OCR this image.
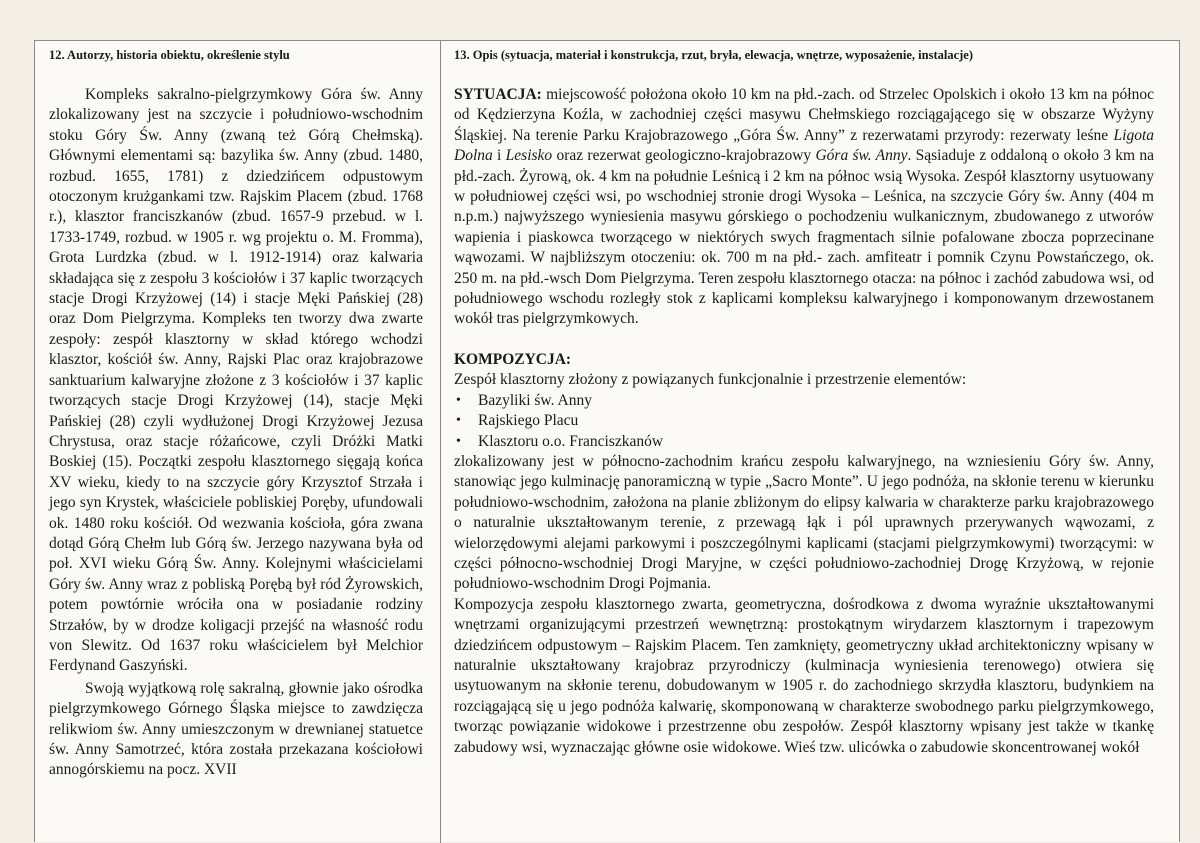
12. Autorzy, historia obiektu, określenie stylu

Kompleks sakralno-pielgrzymkowy Góra św. Anny zlokalizowany jest na szczycie i południowo-wschodnim stoku Góry Św. Anny (zwaną też Górą Chełmską). Głównymi elementami są: bazylika św. Anny (zbud. 1480, rozbud. 1655, 1781) z dziedzińcem odpustowym otoczonym krużgankami tzw. Rajskim Placem (zbud. 1768 r.), klasztor franciszkanów (zbud. 1657-9 przebud. w l. 1733-1749, rozbud. w 1905 r. wg projektu o. M. Fromma), Grota Lurdzka (zbud. w l. 1912-1914) oraz kalwaria składająca się z zespołu 3 kościołów i 37 kaplic tworzących stacje Drogi Krzyżowej (14) i stacje Męki Pańskiej (28) oraz Dom Pielgrzyma. Kompleks ten tworzy dwa zwarte zespoły: zespół klasztorny w skład którego wchodzi klasztor, kościół św. Anny, Rajski Plac oraz krajobrazowe sanktuarium kalwaryjne złożone z 3 kościołów i 37 kaplic tworzących stacje Drogi Krzyżowej (14), stacje Męki Pańskiej (28) czyli wydłużonej Drogi Krzyżowej Jezusa Chrystusa, oraz stacje różańcowe, czyli Dróżki Matki Boskiej (15). Początki zespołu klasztornego sięgają końca XV wieku, kiedy to na szczycie góry Krzysztof Strzała i jego syn Krystek, właściciele pobliskiej Poręby, ufundowali ok. 1480 roku kościół. Od wezwania kościoła, góra zwana dotąd Górą Chełm lub Górą św. Jerzego nazywana była od poł. XVI wieku Górą Św. Anny. Kolejnymi właścicielami Góry św. Anny wraz z pobliską Porębą był ród Żyrowskich, potem powtórnie wróciła ona w posiadanie rodziny Strzałów, by w drodze koligacji przejść na własność rodu von Slewitz. Od 1637 roku właścicielem był Melchior Ferdynand Gaszyński.

Swoją wyjątkową rolę sakralną, głownie jako ośrodka pielgrzymkowego Górnego Śląska miejsce to zawdzięcza relikwiom św. Anny umieszczonym w drewnianej statuetce św. Anny Samotrzeć, która została przekazana kościołowi annogórskiemu na pocz. XVII

13. Opis (sytuacja, materiał i konstrukcja, rzut, bryła, elewacja, wnętrze, wyposażenie, instalacje)

SYTUACJA: miejscowość położona około 10 km na płd.-zach. od Strzelec Opolskich i około 13 km na północ od Kędzierzyna Koźla, w zachodniej części masywu Chełmskiego rozciągającego się w obszarze Wyżyny Śląskiej. Na terenie Parku Krajobrazowego „Góra Św. Anny” z rezerwatami przyrody: rezerwaty leśne Ligota Dolna i Lesisko oraz rezerwat geologiczno-krajobrazowy Góra św. Anny. Sąsiaduje z oddaloną o około 3 km na płd.-zach. Żyrową, ok. 4 km na południe Leśnicą i 2 km na północ wsią Wysoka. Zespół klasztorny usytuowany w południowej części wsi, po wschodniej stronie drogi Wysoka – Leśnica, na szczycie Góry św. Anny (404 m n.p.m.) najwyższego wyniesienia masywu górskiego o pochodzeniu wulkanicznym, zbudowanego z utworów wapienia i piaskowca tworzącego w niektórych swych fragmentach silnie pofalowane zbocza poprzecinane wąwozami. W najbliższym otoczeniu: ok. 700 m na płd.- zach. amfiteatr i pomnik Czynu Powstańczego, ok. 250 m. na płd.-wsch Dom Pielgrzyma. Teren zespołu klasztornego otacza: na północ i zachód zabudowa wsi, od południowego wschodu rozległy stok z kaplicami kompleksu kalwaryjnego i komponowanym drzewostanem wokół tras pielgrzymkowych.

KOMPOZYCJA:

Zespół klasztorny złożony z powiązanych funkcjonalnie i przestrzenie elementów:

• Bazyliki św. Anny
• Rajskiego Placu
• Klasztoru o.o. Franciszkanów

zlokalizowany jest w północno-zachodnim krańcu zespołu kalwaryjnego, na wzniesieniu Góry św. Anny, stanowiąc jego kulminację panoramiczną w typie „Sacro Monte”. U jego podnóża, na skłonie terenu w kierunku południowo-wschodnim, założona na planie zbliżonym do elipsy kalwaria w charakterze parku krajobrazowego o naturalnie ukształtowanym terenie, z przewagą łąk i pól uprawnych przerywanych wąwozami, z wielorzędowymi alejami parkowymi i poszczególnymi kaplicami (stacjami pielgrzymkowymi) tworzącymi: w części północno-wschodniej Drogi Maryjne, w części południowo-zachodniej Drogę Krzyżową, w rejonie południowo-wschodnim Drogi Pojmania.

Kompozycja zespołu klasztornego zwarta, geometryczna, dośrodkowa z dwoma wyraźnie ukształtowanymi wnętrzami organizującymi przestrzeń wewnętrzną: prostokątnym wirydarzem klasztornym i trapezowym dziedzińcem odpustowym – Rajskim Placem. Ten zamknięty, geometryczny układ architektoniczny wpisany w naturalnie ukształtowany krajobraz przyrodniczy (kulminacja wyniesienia terenowego) otwiera się usytuowanym na skłonie terenu, dobudowanym w 1905 r. do zachodniego skrzydła klasztoru, budynkiem na rozciągającą się u jego podnóża kalwarię, skomponowaną w charakterze swobodnego parku pielgrzymkowego, tworząc powiązanie widokowe i przestrzenne obu zespołów. Zespół klasztorny wpisany jest także w tkankę zabudowy wsi, wyznaczając główne osie widokowe. Wieś tzw. ulicówka o zabudowie skoncentrowanej wokół
